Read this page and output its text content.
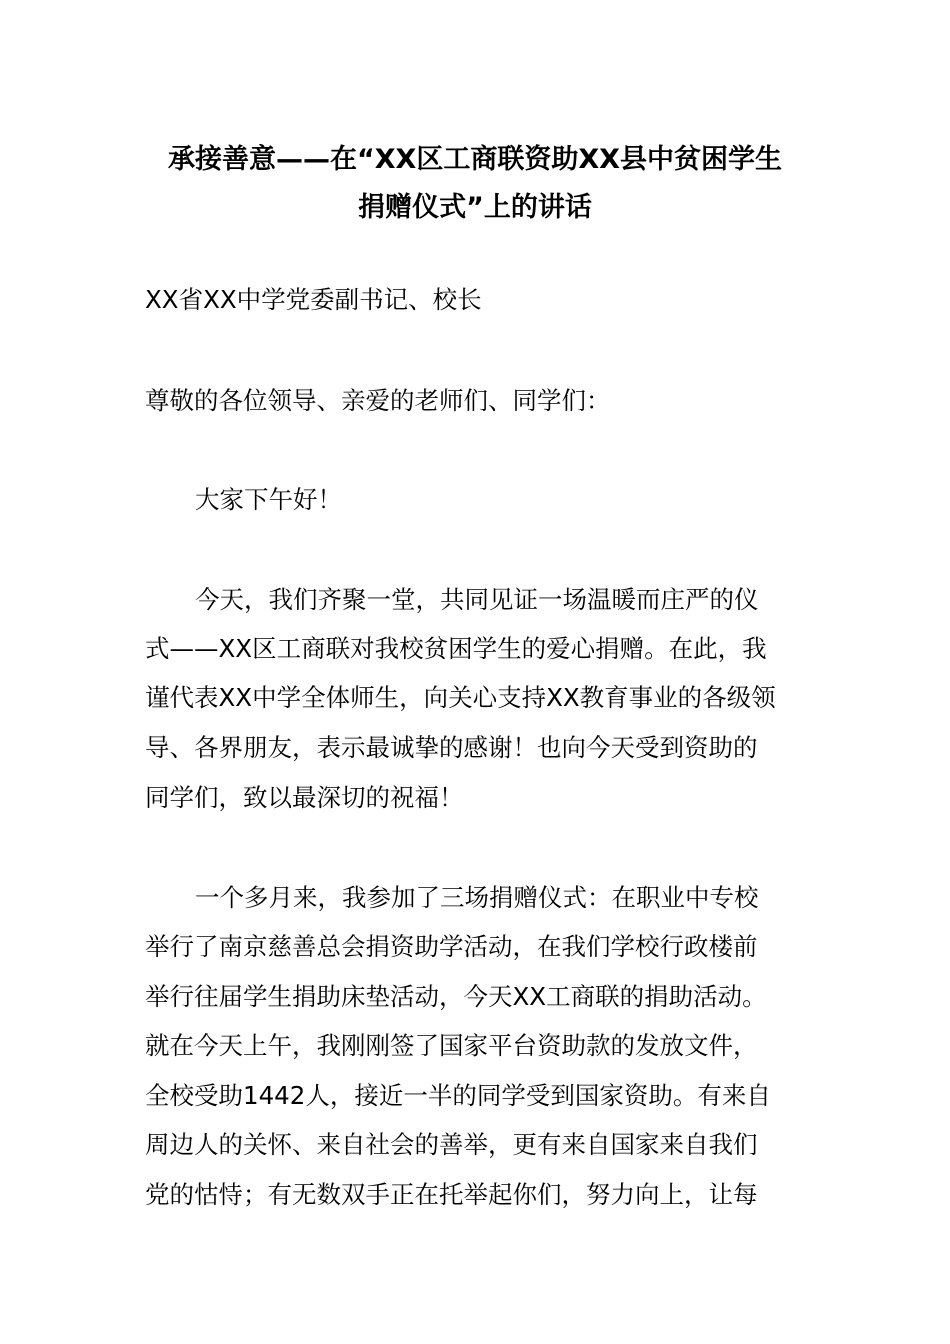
承接善意——在“XX区工商联资助XX县中贫困学生
捐赠仪式”上的讲话
XX省XX中学党委副书记、校长
尊敬的各位领导、亲爱的老师们、同学们：
大家下午好！
今天，我们齐聚一堂，共同见证一场温暖而庄严的仪
式——XX区工商联对我校贫困学生的爱心捐赠。在此，我
谨代表XX中学全体师生，向关心支持XX教育事业的各级领
导、各界朋友，表示最诚挚的感谢！也向今天受到资助的
同学们，致以最深切的祝福！
一个多月来，我参加了三场捐赠仪式：在职业中专校
举行了南京慈善总会捐资助学活动，在我们学校行政楼前
举行往届学生捐助床垫活动，今天XX工商联的捐助活动。
就在今天上午，我刚刚签了国家平台资助款的发放文件，
全校受助1442人，接近一半的同学受到国家资助。有来自
周边人的关怀、来自社会的善举，更有来自国家来自我们
党的怙恃；有无数双手正在托举起你们，努力向上，让每
